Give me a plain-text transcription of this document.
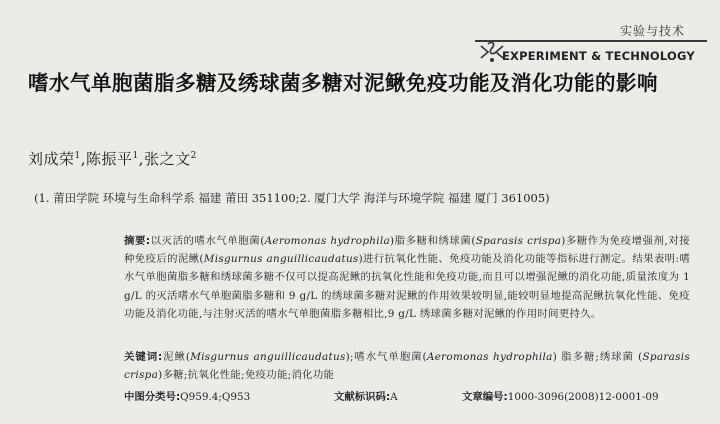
实验与技术
EXPERIMENT & TECHNOLOGY
嗜水气单胞菌脂多糖及绣球菌多糖对泥鳅免疫功能及消化功能的影响
刘成荣$^1$,陈振平$^1$,张之文$^2$
(1. 莆田学院 环境与生命科学系 福建 莆田 351100;2. 厦门大学 海洋与环境学院 福建 厦门 361005)
摘要:以灭活的嗜水气单胞菌(Aeromonas hydrophila)脂多糖和绣球菌(Sparasis crispa)多糖作为免疫增强剂,对接种免疫后的泥鳅(Misgurnus anguillicaudatus)进行抗氧化性能、免疫功能及消化功能等指标进行测定。结果表明:嗜水气单胞菌脂多糖和绣球菌多糖不仅可以提高泥鳅的抗氧化性能和免疫功能,而且可以增强泥鳅的消化功能,质量浓度为 1 g/L 的灭活嗜水气单胞菌脂多糖和 9 g/L 的绣球菌多糖对泥鳅的作用效果较明显,能较明显地提高泥鳅抗氧化性能、免疫功能及消化功能,与注射灭活的嗜水气单胞菌脂多糖相比,9 g/L 绣球菌多糖对泥鳅的作用时间更持久。
关键词:泥鳅(Misgurnus anguillicaudatus);嗜水气单胞菌(Aeromonas hydrophila) 脂多糖;绣球菌 (Sparasis crispa)多糖;抗氧化性能;免疫功能;消化功能
中图分类号:Q959.4;Q953	文献标识码:A	文章编号:1000-3096(2008)12-0001-09
